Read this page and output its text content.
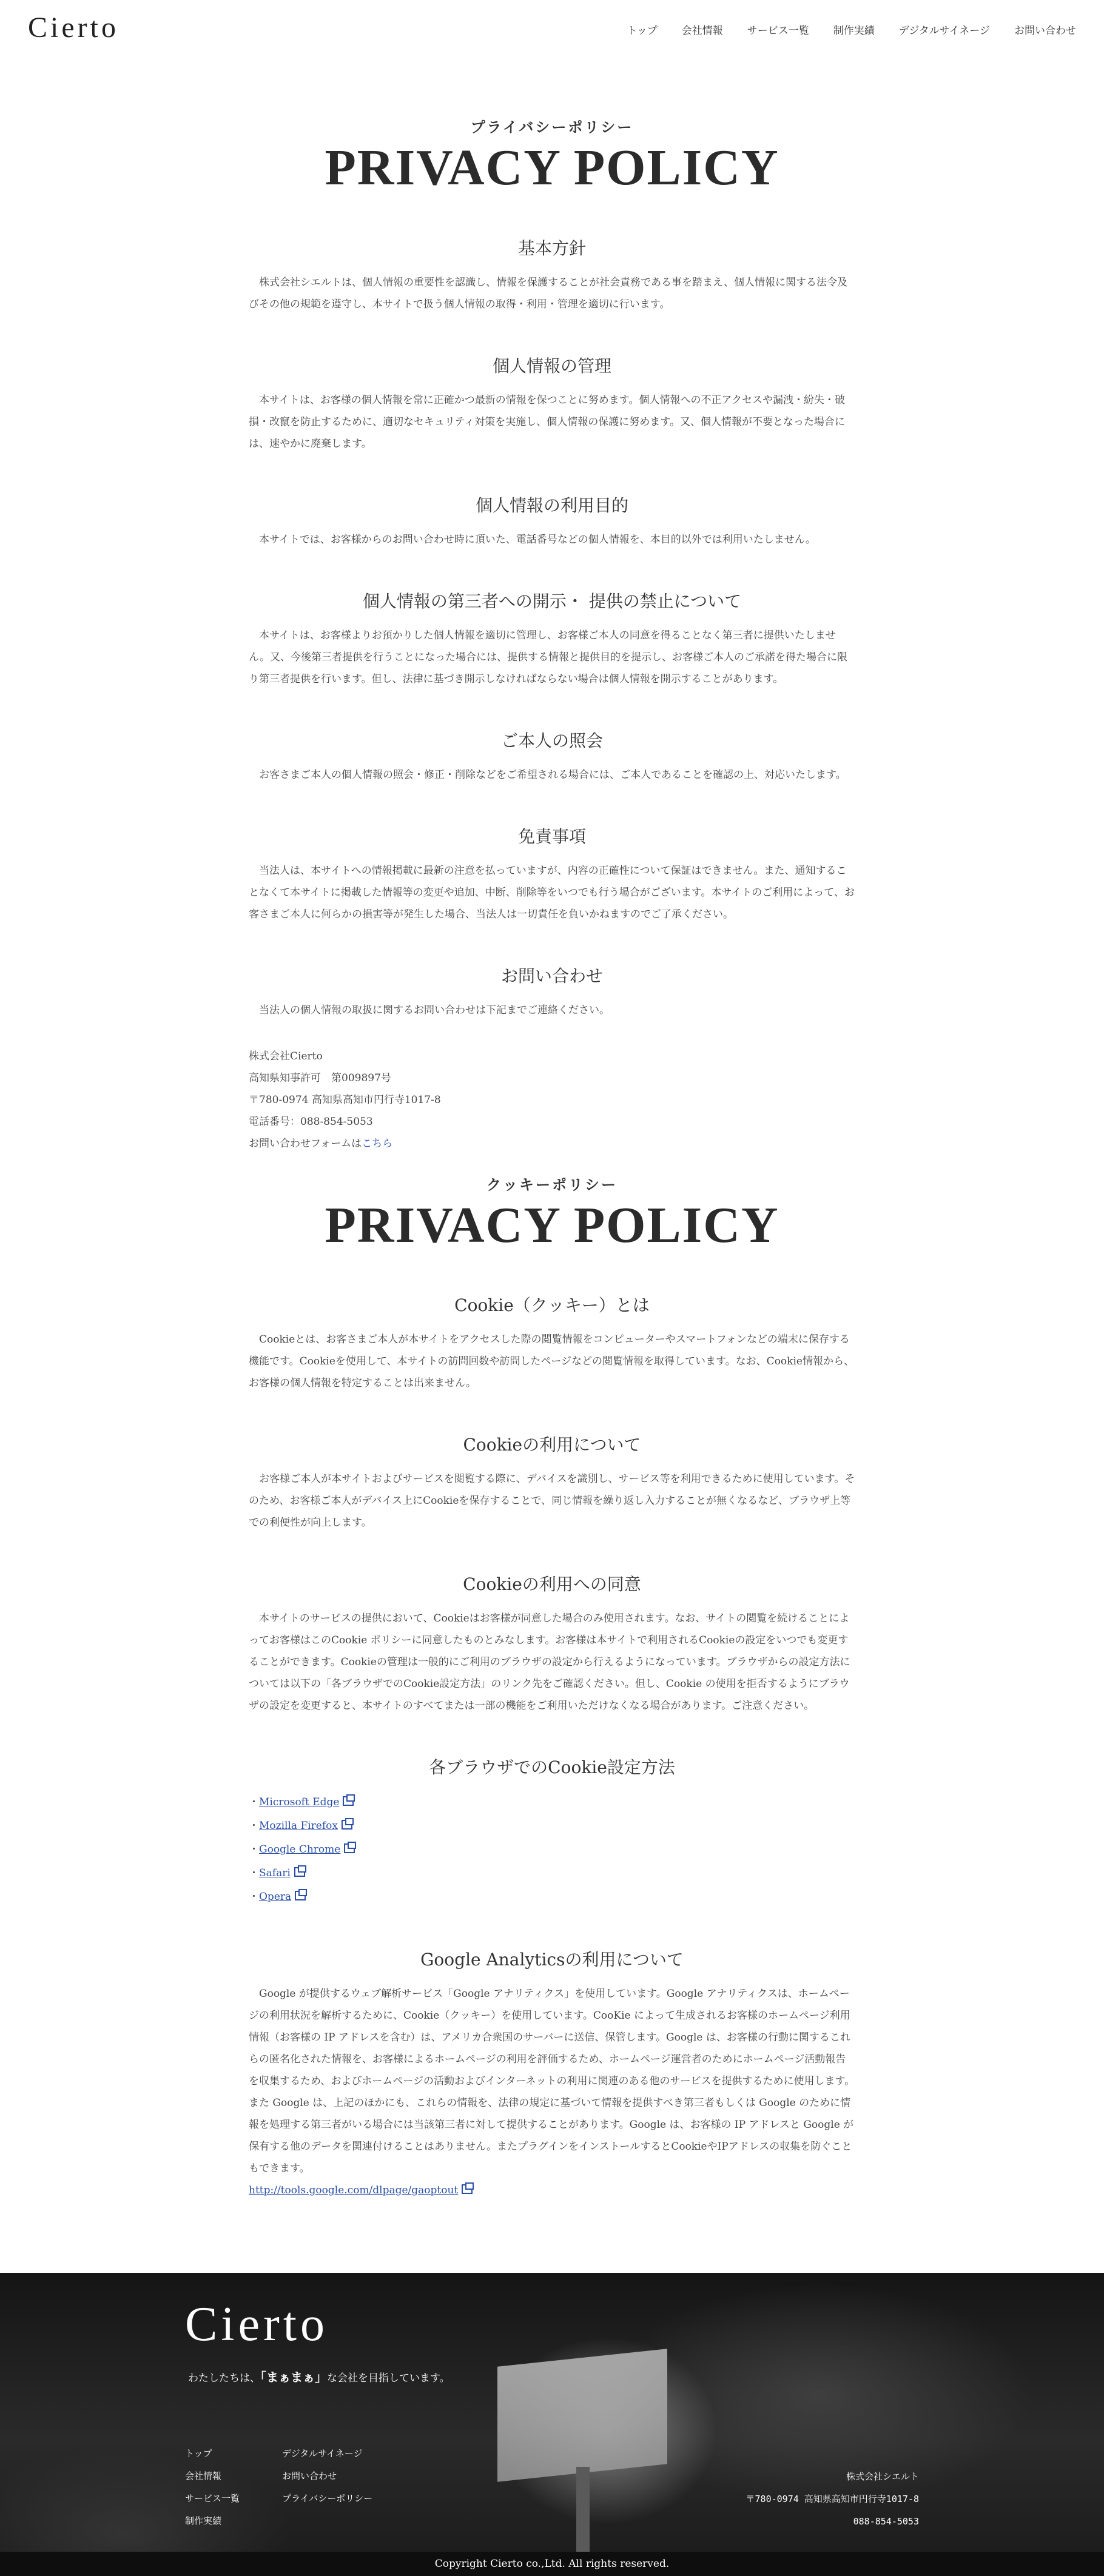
Cierto	トップ 会社情報 サービス一覧 制作実績 デジタルサイネージ お問い合わせ
プライバシーポリシー
PRIVACY POLICY
基本方針

株式会社シエルトは、個人情報の重要性を認識し、情報を保護することが社会責務である事を踏まえ、個人情報に関する法令及びその他の規範を遵守し、本サイトで扱う個人情報の取得・利用・管理を適切に行います。

個人情報の管理

本サイトは、お客様の個人情報を常に正確かつ最新の情報を保つことに努めます。個人情報への不正アクセスや漏洩・紛失・破損・改竄を防止するために、適切なセキュリティ対策を実施し、個人情報の保護に努めます。又、個人情報が不要となった場合には、速やかに廃棄します。

個人情報の利用目的

本サイトでは、お客様からのお問い合わせ時に頂いた、電話番号などの個人情報を、本目的以外では利用いたしません。

個人情報の第三者への開示・ 提供の禁止について

本サイトは、お客様よりお預かりした個人情報を適切に管理し、お客様ご本人の同意を得ることなく第三者に提供いたしません。又、今後第三者提供を行うことになった場合には、提供する情報と提供目的を提示し、お客様ご本人のご承諾を得た場合に限り第三者提供を行います。但し、法律に基づき開示しなければならない場合は個人情報を開示することがあります。

ご本人の照会

お客さまご本人の個人情報の照会・修正・削除などをご希望される場合には、ご本人であることを確認の上、対応いたします。

免責事項

当法人は、本サイトへの情報掲載に最新の注意を払っていますが、内容の正確性について保証はできません。また、通知することなくて本サイトに掲載した情報等の変更や追加、中断、削除等をいつでも行う場合がございます。本サイトのご利用によって、お客さまご本人に何らかの損害等が発生した場合、当法人は一切責任を負いかねますのでご了承ください。

お問い合わせ

当法人の個人情報の取扱に関するお問い合わせは下記までご連絡ください。

株式会社Cierto
高知県知事許可　第009897号
〒780-0974 高知県高知市円行寺1017-8
電話番号：088-854-5053
お問い合わせフォームはこちら
クッキーポリシー
PRIVACY POLICY
Cookie（クッキー）とは

Cookieとは、お客さまご本人が本サイトをアクセスした際の閲覧情報をコンピューターやスマートフォンなどの端末に保存する機能です。Cookieを使用して、本サイトの訪問回数や訪問したページなどの閲覧情報を取得しています。なお、Cookie情報から、お客様の個人情報を特定することは出来ません。

Cookieの利用について

お客様ご本人が本サイトおよびサービスを閲覧する際に、デバイスを識別し、サービス等を利用できるために使用しています。そのため、お客様ご本人がデバイス上にCookieを保存することで、同じ情報を繰り返し入力することが無くなるなど、ブラウザ上等での利便性が向上します。

Cookieの利用への同意

本サイトのサービスの提供において、Cookieはお客様が同意した場合のみ使用されます。なお、サイトの閲覧を続けることによってお客様はこのCookie ポリシーに同意したものとみなします。お客様は本サイトで利用されるCookieの設定をいつでも変更することができます。Cookieの管理は一般的にご利用のブラウザの設定から行えるようになっています。ブラウザからの設定方法については以下の「各ブラウザでのCookie設定方法」のリンク先をご確認ください。但し、Cookie の使用を拒否するようにブラウザの設定を変更すると、本サイトのすべてまたは一部の機能をご利用いただけなくなる場合があります。ご注意ください。

各ブラウザでのCookie設定方法
・Microsoft Edge
・Mozilla Firefox
・Google Chrome
・Safari
・Opera
Google Analyticsの利用について

Google が提供するウェブ解析サービス「Google アナリティクス」を使用しています。Google アナリティクスは、ホームページの利用状況を解析するために、Cookie（クッキー）を使用しています。CooKie によって生成されるお客様のホームページ利用情報（お客様の IP アドレスを含む）は、アメリカ合衆国のサーバーに送信、保管します。Google は、お客様の行動に関するこれらの匿名化された情報を、お客様によるホームページの利用を評価するため、ホームページ運営者のためにホームページ活動報告を収集するため、およびホームページの活動およびインターネットの利用に関連のある他のサービスを提供するために使用します。また Google は、上記のほかにも、これらの情報を、法律の規定に基づいて情報を提供すべき第三者もしくは Google のために情報を処理する第三者がいる場合には当該第三者に対して提供することがあります。Google は、お客様の IP アドレスと Google が保有する他のデータを関連付けることはありません。またプラグインをインストールするとCookieやIPアドレスの収集を防ぐこともできます。

http://tools.google.com/dlpage/gaoptout
Cierto
わたしたちは、「まぁまぁ」な会社を目指しています。
トップ
会社情報
サービス一覧
制作実績
デジタルサイネージ
お問い合わせ
プライバシーポリシー
株式会社シエルト
〒780-0974 高知県高知市円行寺1017-8
088-854-5053
Copyright Cierto co.,Ltd. All rights reserved.
